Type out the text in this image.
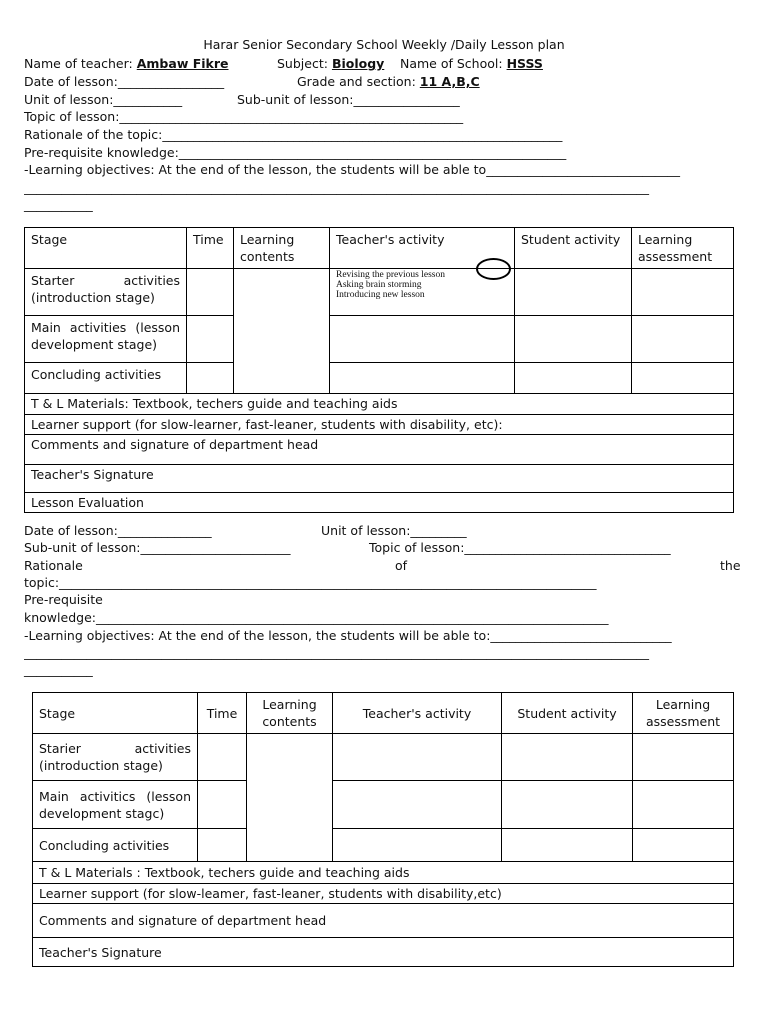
Harar Senior Secondary School Weekly /Daily Lesson plan
Name of teacher: Ambaw Fikre	Subject: Biology Name of School: HSSS
Date of lesson:_________________	Grade and section: 11 A,B,C
Unit of lesson:___________	Sub-unit of lesson:_________________
Topic of lesson:_______________________________________________________
Rationale of the topic:________________________________________________________________
Pre-requisite knowledge:______________________________________________________________
-Learning objectives: At the end of the lesson, the students will be able to_______________________________
____________________________________________________________________________________________________
___________
Stage	Time	Learning contents	Teacher's activity	Student activity	Learning assessment
Starter activities (introduction stage)			Revising the previous lesson
Asking brain storming
Introducing new lesson		

Main activities (lesson development stage)					
Concluding activities					
T & L Materials: Textbook, techers guide and teaching aids					
Learner support (for slow-learner, fast-leaner, students with disability, etc):					
Comments and signature of department head					
Teacher's Signature					
Lesson Evaluation					
Date of lesson:_______________	Unit of lesson:_________
Sub-unit of lesson:________________________	Topic of lesson:_________________________________
Rationale	of	the
topic:______________________________________________________________________________________
Pre-requisite
knowledge:__________________________________________________________________________________
-Learning objectives: At the end of the lesson, the students will be able to:_____________________________
____________________________________________________________________________________________________
___________
Stage	Time	Learning contents	Teacher's activity	Student activity	Learning assessment
Starier activities (introduction stage)					
Main activitics (lesson development stagc)					
Concluding activities					
T & L Materials : Textbook, techers guide and teaching aids					
Learner support (for slow-leamer, fast-leaner, students with disability,etc)					
Comments and signature of department head					
Teacher's Signature					
